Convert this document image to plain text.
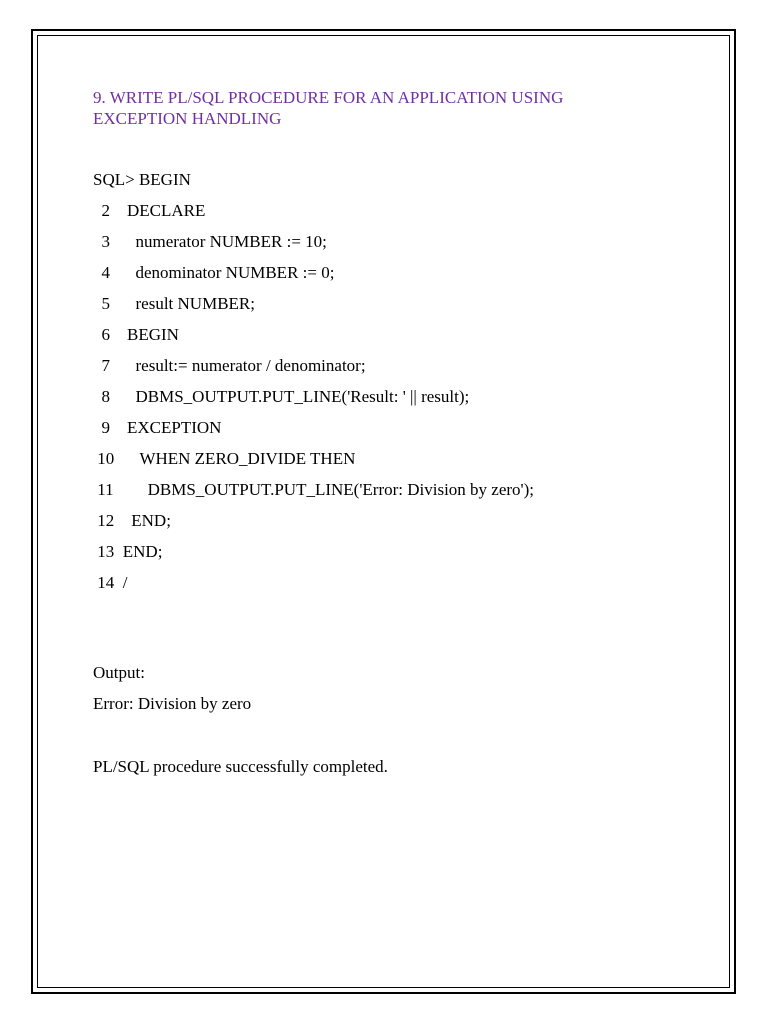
9. WRITE PL/SQL PROCEDURE FOR AN APPLICATION USING EXCEPTION HANDLING
SQL> BEGIN
2    DECLARE
3      numerator NUMBER := 10;
4      denominator NUMBER := 0;
5      result NUMBER;
6    BEGIN
7      result:= numerator / denominator;
8      DBMS_OUTPUT.PUT_LINE('Result: ' || result);
9    EXCEPTION
10      WHEN ZERO_DIVIDE THEN
11        DBMS_OUTPUT.PUT_LINE('Error: Division by zero');
12    END;
13  END;
14  /

Output:

Error: Division by zero

PL/SQL procedure successfully completed.
